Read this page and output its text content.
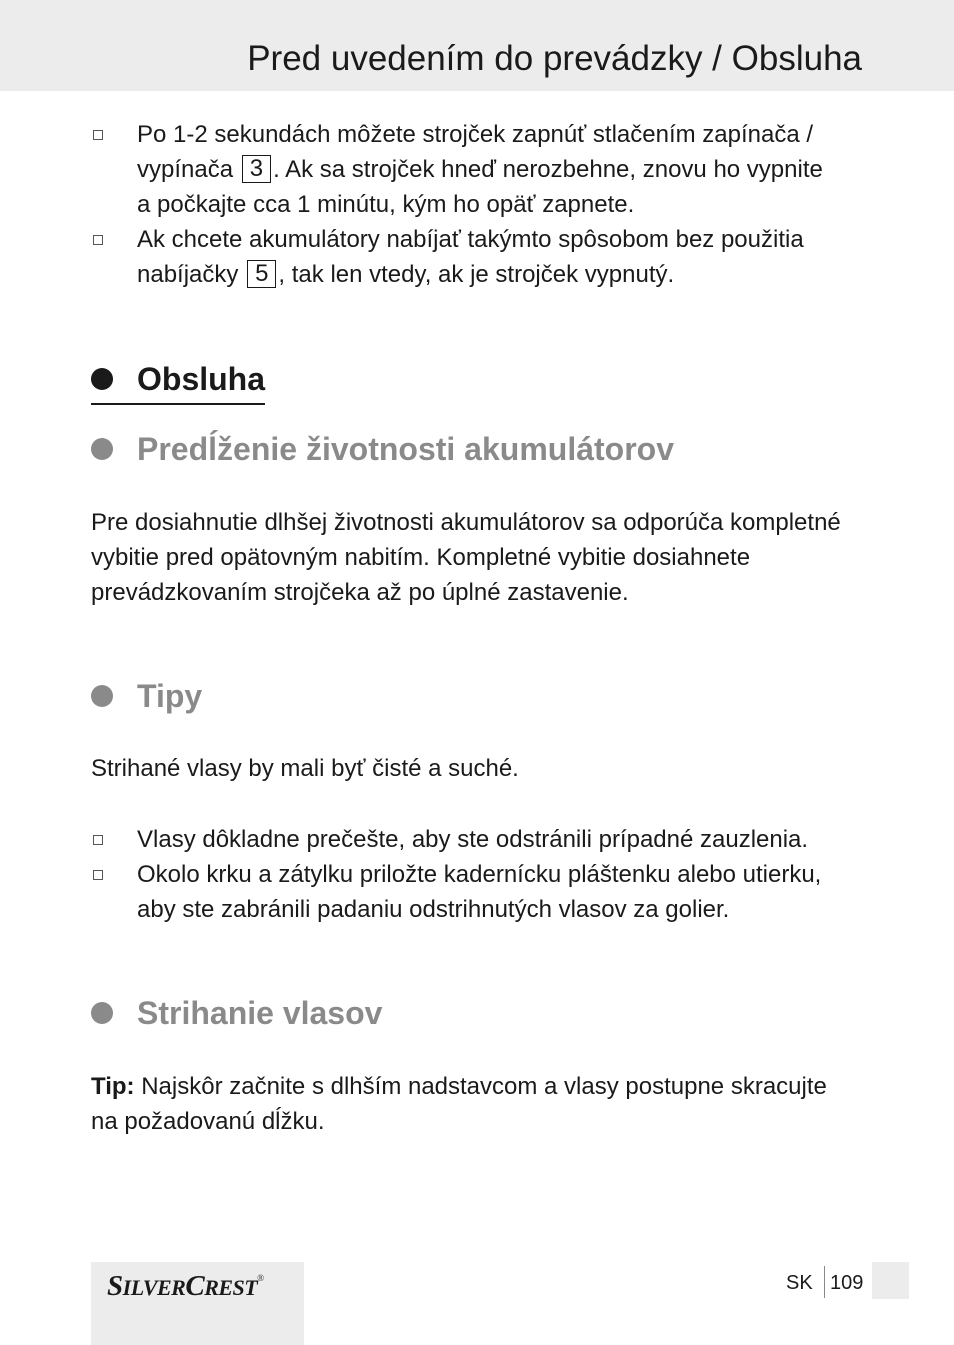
Pred uvedením do prevádzky / Obsluha
Po 1-2 sekundách môžete strojček zapnúť stlačením zapínača /
vypínača 3 . Ak sa strojček hneď nerozbehne, znovu ho vypnite
a počkajte cca 1 minútu, kým ho opäť zapnete.
Ak chcete akumulátory nabíjať takýmto spôsobom bez použitia
nabíjačky 5 , tak len vtedy, ak je strojček vypnutý.
Obsluha
Predĺženie životnosti akumulátorov
Pre dosiahnutie dlhšej životnosti akumulátorov sa odporúča kompletné
vybitie pred opätovným nabitím. Kompletné vybitie dosiahnete
prevádzkovaním strojčeka až po úplné zastavenie.
Tipy
Strihané vlasy by mali byť čisté a suché.
Vlasy dôkladne prečešte, aby ste odstránili prípadné zauzlenia.
Okolo krku a zátylku priložte kadernícku pláštenku alebo utierku,
aby ste zabránili padaniu odstrihnutých vlasov za golier.
Strihanie vlasov
Tip: Najskôr začnite s dlhším nadstavcom a vlasy postupne skracujte
na požadovanú dĺžku.
SILVERCREST®	SK 109
